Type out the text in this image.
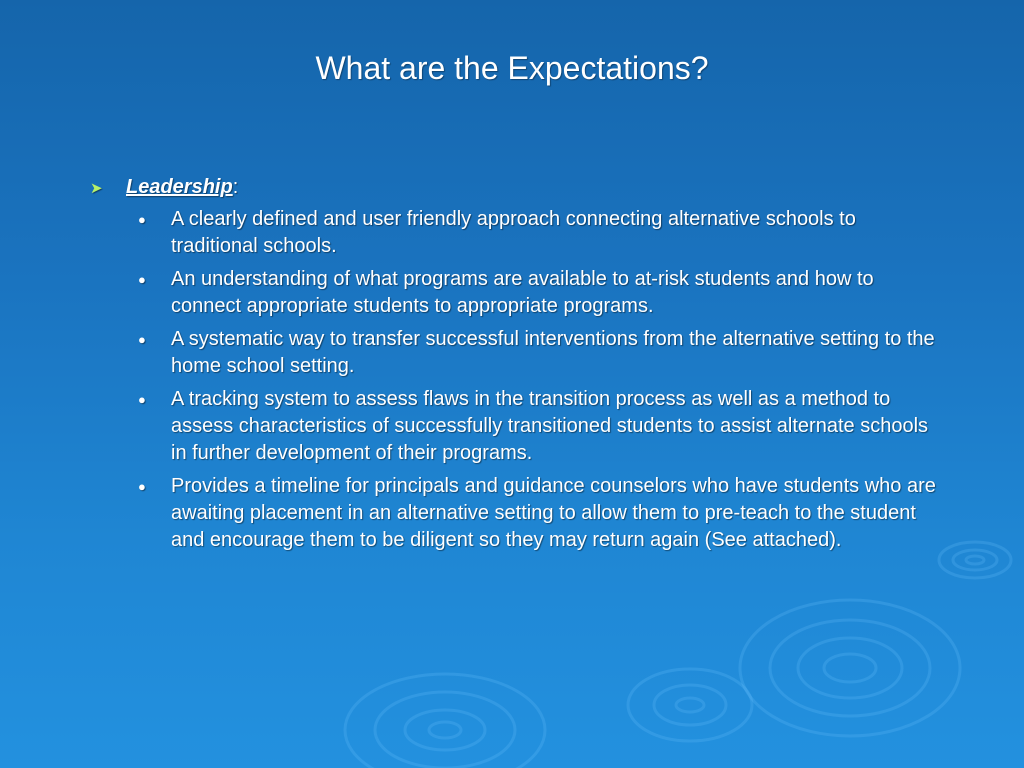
What are the Expectations?
➤	Leadership :
●	A clearly defined and user friendly approach connecting alternative schools to traditional schools.
●	An understanding of what programs are available to at-risk students and how to connect appropriate students to appropriate programs.
●	A systematic way to transfer successful interventions from the alternative setting to the home school setting.
●	A tracking system to assess flaws in the transition process as well as a method to assess characteristics of successfully transitioned students to assist alternate schools in further development of their programs.
●	Provides a timeline for principals and guidance counselors who have students who are awaiting placement in an alternative setting to allow them to pre-teach to the student and encourage them to be diligent so they may return again (See attached).
